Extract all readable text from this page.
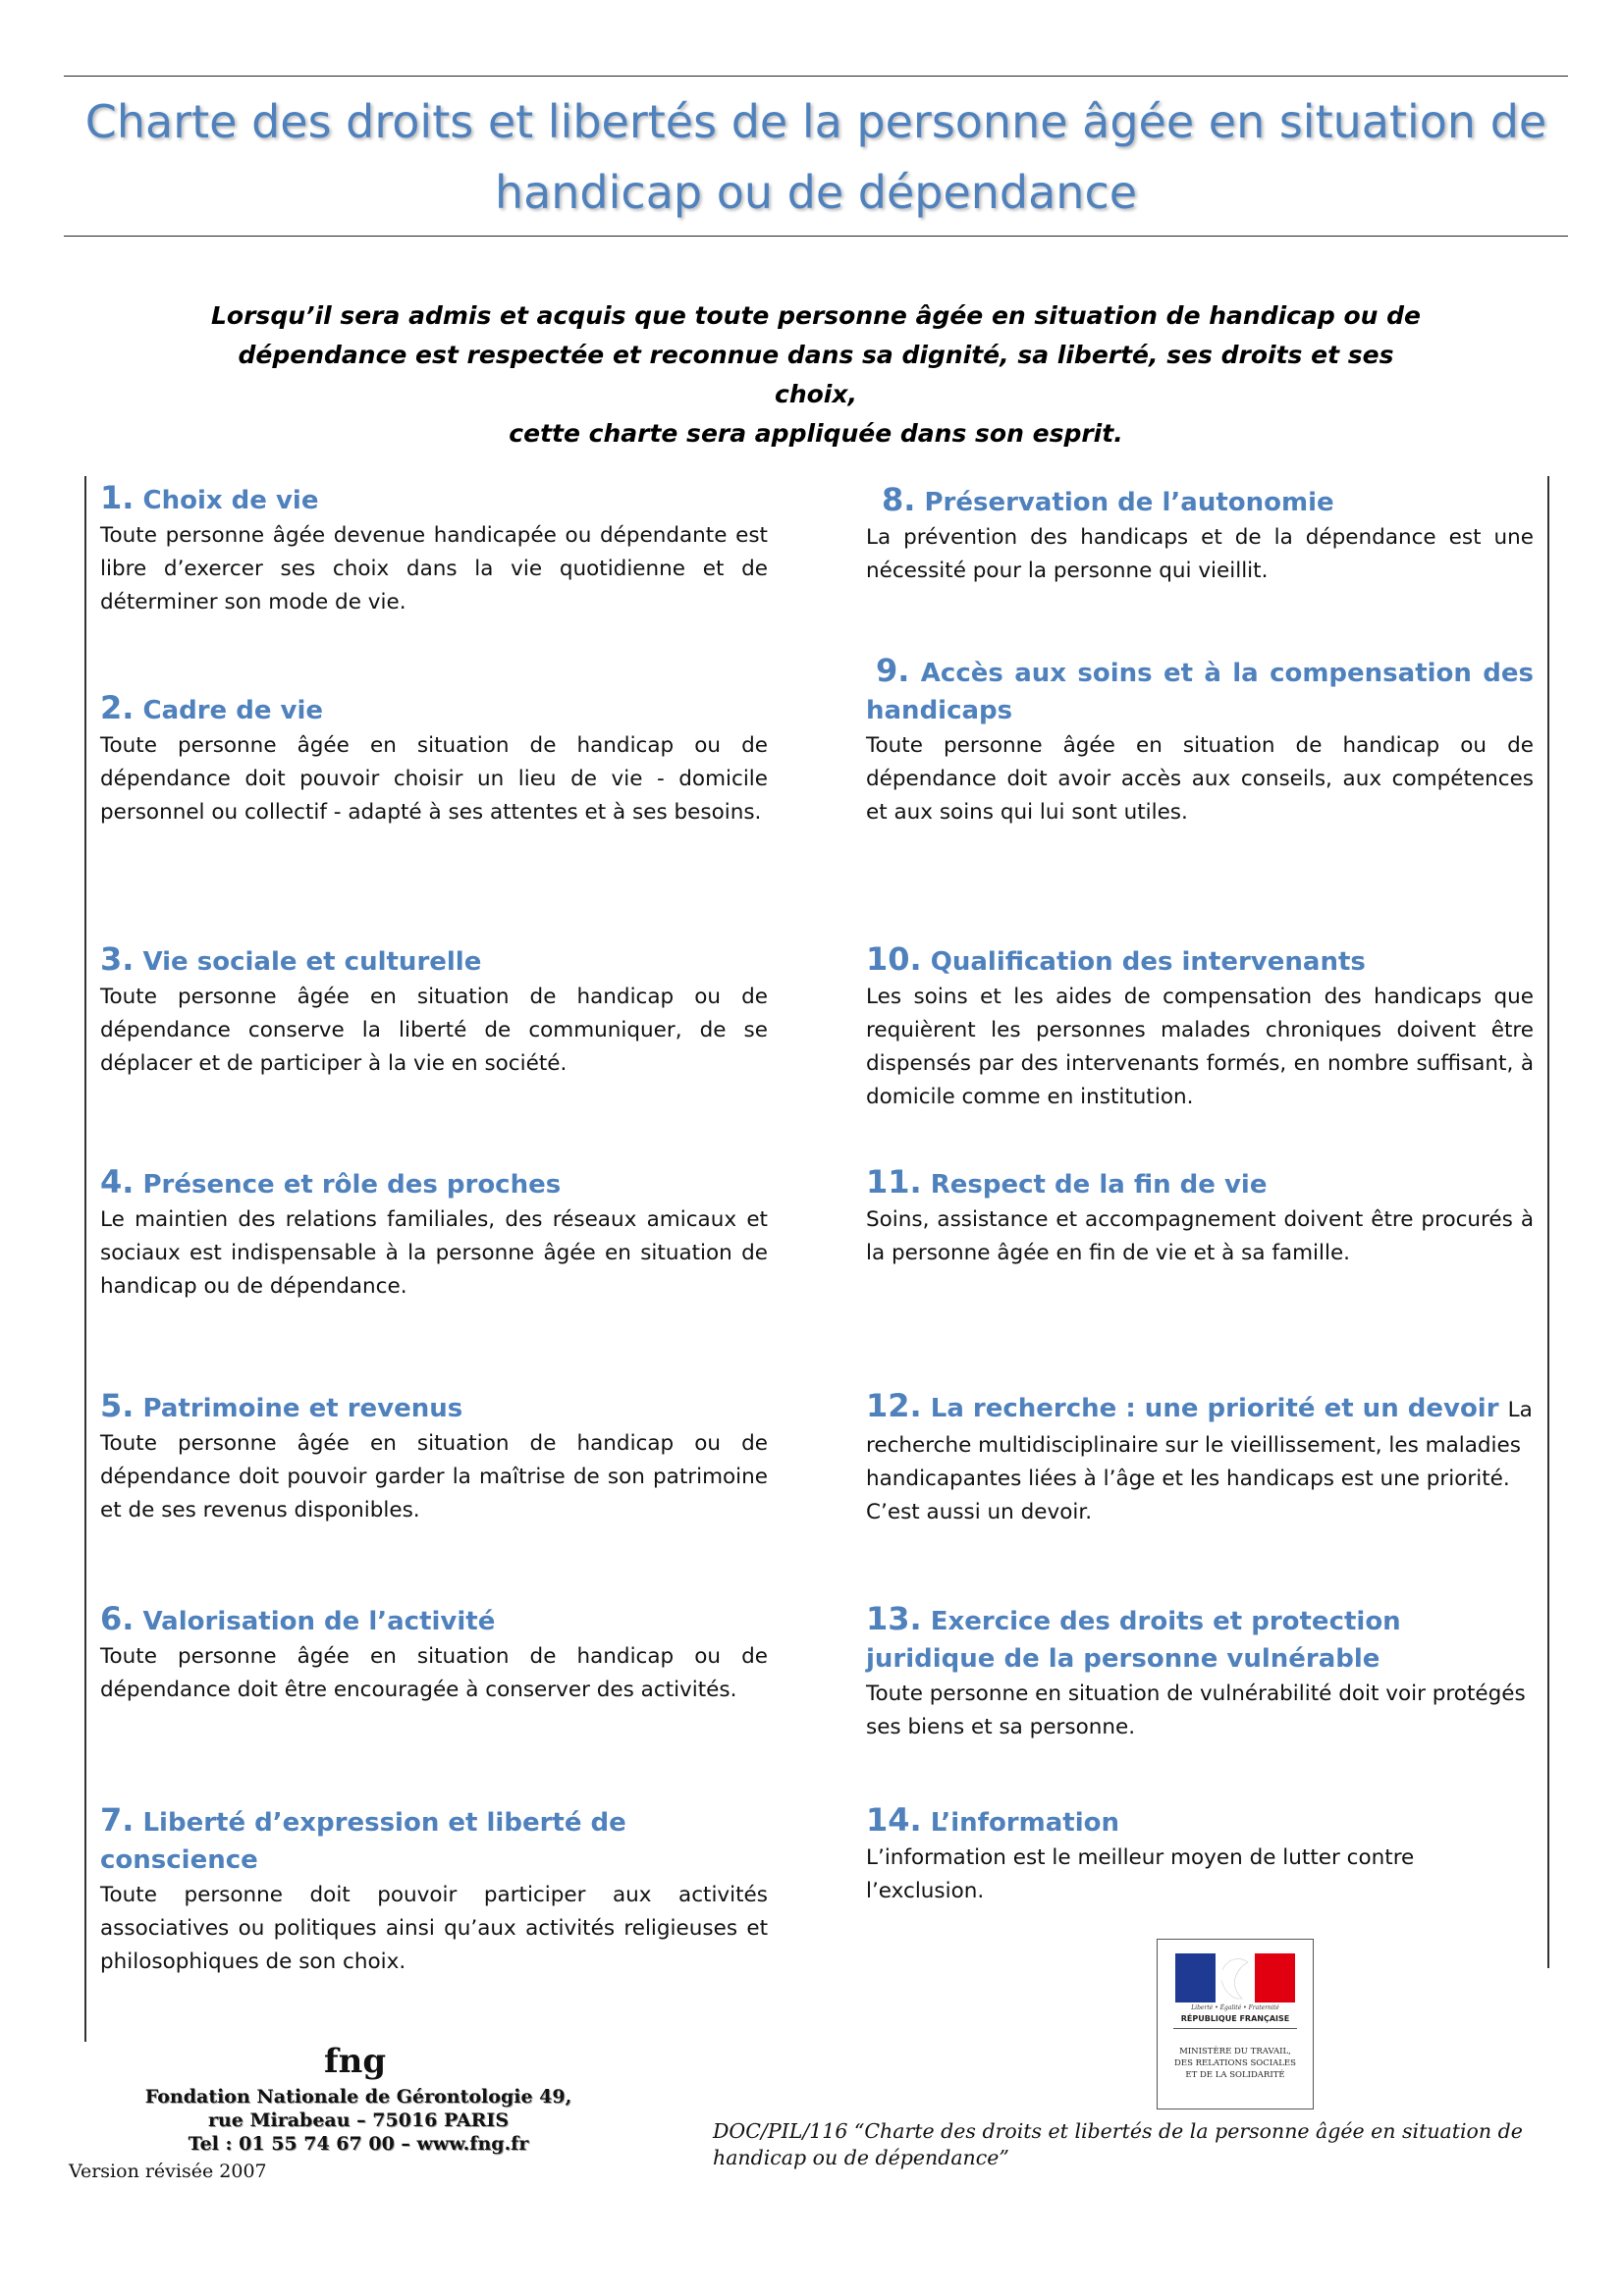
Charte des droits et libertés de la personne âgée en situation de
handicap ou de dépendance
Lorsqu’il sera admis et acquis que toute personne âgée en situation de handicap ou de
dépendance est respectée et reconnue dans sa dignité, sa liberté, ses droits et ses choix,
cette charte sera appliquée dans son esprit.
1. Choix de vie
Toute personne âgée devenue handicapée ou dépendante est libre d’exercer ses choix dans la vie quotidienne et de déterminer son mode de vie.
2. Cadre de vie
Toute personne âgée en situation de handicap ou de dépendance doit pouvoir choisir un lieu de vie - domicile personnel ou collectif - adapté à ses attentes et à ses besoins.
3. Vie sociale et culturelle
Toute personne âgée en situation de handicap ou de dépendance conserve la liberté de communiquer, de se déplacer et de participer à la vie en société.
4. Présence et rôle des proches
Le maintien des relations familiales, des réseaux amicaux et sociaux est indispensable à la personne âgée en situation de handicap ou de dépendance.
5. Patrimoine et revenus
Toute personne âgée en situation de handicap ou de dépendance doit pouvoir garder la maîtrise de son patrimoine et de ses revenus disponibles.
6. Valorisation de l’activité
Toute personne âgée en situation de handicap ou de dépendance doit être encouragée à conserver des activités.
7. Liberté d’expression et liberté de conscience
Toute personne doit pouvoir participer aux activités associatives ou politiques ainsi qu’aux activités religieuses et philosophiques de son choix.
8. Préservation de l’autonomie
La prévention des handicaps et de la dépendance est une nécessité pour la personne qui vieillit.
9. Accès aux soins et à la compensation des handicaps
Toute personne âgée en situation de handicap ou de dépendance doit avoir accès aux conseils, aux compétences et aux soins qui lui sont utiles.
10. Qualification des intervenants
Les soins et les aides de compensation des handicaps que requièrent les personnes malades chroniques doivent être dispensés par des intervenants formés, en nombre suffisant, à domicile comme en institution.
11. Respect de la fin de vie
Soins, assistance et accompagnement doivent être procurés à la personne âgée en fin de vie et à sa famille.
12. La recherche : une priorité et un devoir La
recherche multidisciplinaire sur le vieillissement, les maladies handicapantes liées à l’âge et les handicaps est une priorité. C’est aussi un devoir.
13. Exercice des droits et protection juridique de la personne vulnérable
Toute personne en situation de vulnérabilité doit voir protégés ses biens et sa personne.
14. L’information
L’information est le meilleur moyen de lutter contre l’exclusion.
Liberté • Égalité • Fraternité
RÉPUBLIQUE FRANÇAISE
MINISTÈRE DU TRAVAIL,
DES RELATIONS SOCIALES
ET DE LA SOLIDARITÉ
fng
Fondation Nationale de Gérontologie 49,
rue Mirabeau – 75016 PARIS
Tel : 01 55 74 67 00 – www.fng.fr
Version révisée 2007
DOC/PIL/116 “Charte des droits et libertés de la personne âgée en situation de handicap ou de dépendance”
